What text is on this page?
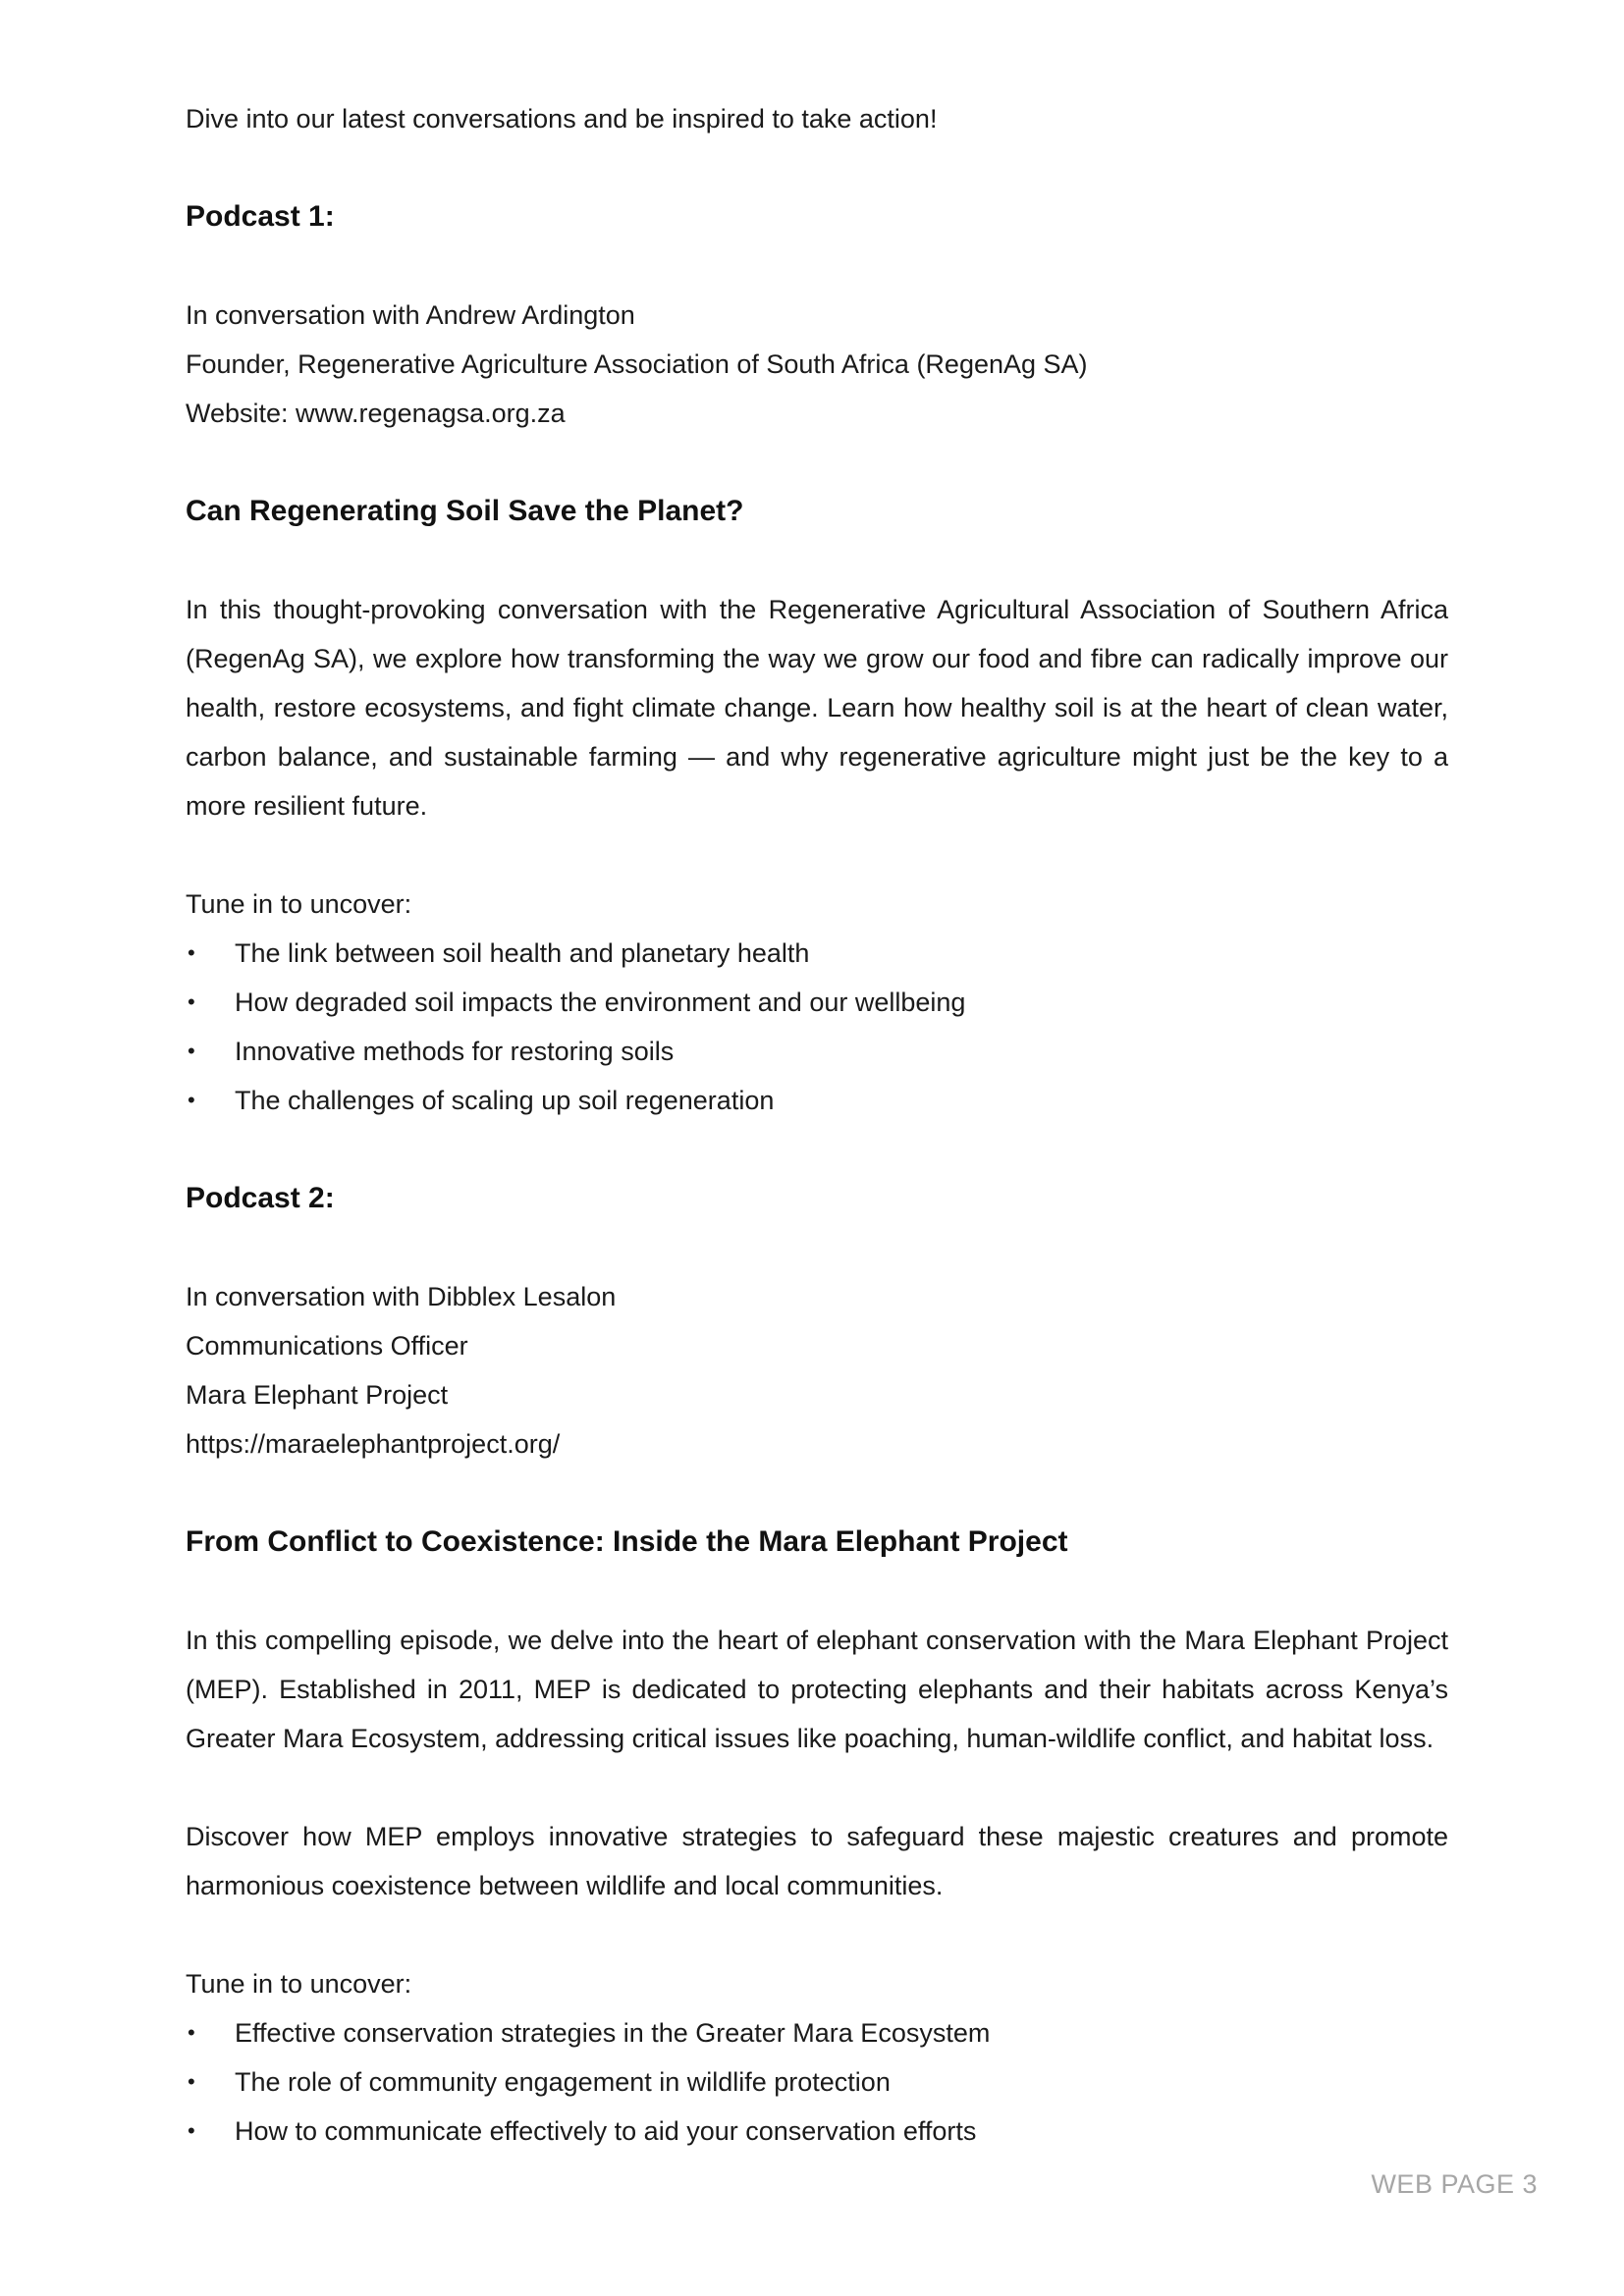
Dive into our latest conversations and be inspired to take action!

Podcast 1:

In conversation with Andrew Ardington

Founder, Regenerative Agriculture Association of South Africa (RegenAg SA)

Website: www.regenagsa.org.za

Can Regenerating Soil Save the Planet?

In this thought-provoking conversation with the Regenerative Agricultural Association of Southern Africa (RegenAg SA), we explore how transforming the way we grow our food and fibre can radically improve our health, restore ecosystems, and fight climate change. Learn how healthy soil is at the heart of clean water, carbon balance, and sustainable farming — and why regenerative agriculture might just be the key to a more resilient future.

Tune in to uncover:

• The link between soil health and planetary health
• How degraded soil impacts the environment and our wellbeing
• Innovative methods for restoring soils
• The challenges of scaling up soil regeneration
Podcast 2:

In conversation with Dibblex Lesalon

Communications Officer

Mara Elephant Project

https://maraelephantproject.org/

From Conflict to Coexistence: Inside the Mara Elephant Project

In this compelling episode, we delve into the heart of elephant conservation with the Mara Elephant Project (MEP). Established in 2011, MEP is dedicated to protecting elephants and their habitats across Kenya’s Greater Mara Ecosystem, addressing critical issues like poaching, human-wildlife conflict, and habitat loss.

Discover how MEP employs innovative strategies to safeguard these majestic creatures and promote harmonious coexistence between wildlife and local communities.

Tune in to uncover:

• Effective conservation strategies in the Greater Mara Ecosystem
• The role of community engagement in wildlife protection
• How to communicate effectively to aid your conservation efforts
WEB PAGE 3
